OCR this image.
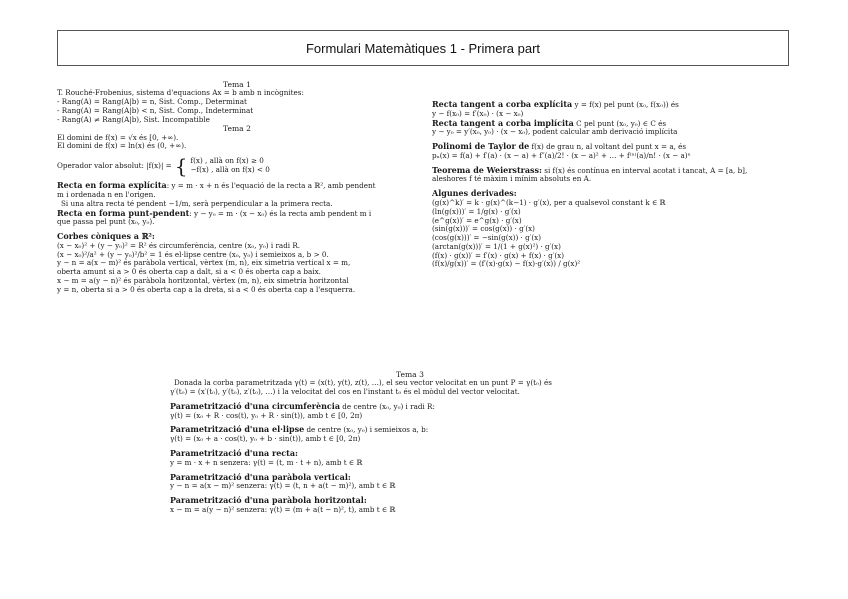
Formulari Matemàtiques 1 - Primera part

Tema 1

T. Rouché-Frobenius, sistema d'equacions Ax = b amb n incògnites:

- Rang(A) = Rang(A|b) = n, Sist. Comp., Determinat

- Rang(A) = Rang(A|b) < n, Sist. Comp., Indeterminat

- Rang(A) ≠ Rang(A|b), Sist. Incompatible

Tema 2

El domini de f(x) = √x és [0, +∞).

El domini de f(x) = ln(x) és (0, +∞).

Operador valor absolut: |f(x)| = { f(x) , allà on f(x) ≥ 0
−f(x) , allà on f(x) < 0

Recta en forma explícita: y = m · x + n és l'equació de la recta a ℝ², amb pendent

m i ordenada n en l'origen.

Si una altra recta té pendent −1/m, serà perpendicular a la primera recta.

Recta en forma punt-pendent: y − y₀ = m · (x − x₀) és la recta amb pendent m i

que passa pel punt (x₀, y₀).

Corbes còniques a ℝ²:

(x − x₀)² + (y − y₀)² = R² és circumferència, centre (x₀, y₀) i radi R.

(x − x₀)²/a² + (y − y₀)²/b² = 1 és el·lipse centre (x₀, y₀) i semieixos a, b > 0.

y − n = a(x − m)² és paràbola vertical, vèrtex (m, n), eix simetria vertical x = m,

oberta amunt si a > 0 és oberta cap a dalt, si a < 0 és oberta cap a baix.

x − m = a(y − n)² és paràbola horitzontal, vèrtex (m, n), eix simetria horitzontal

y = n, oberta si a > 0 és oberta cap a la dreta, si a < 0 és oberta cap a l'esquerra.

Recta tangent a corba explícita y = f(x) pel punt (x₀, f(x₀)) és

y − f(x₀) = f′(x₀) · (x − x₀)

Recta tangent a corba implícita C pel punt (x₀, y₀) ∈ C és

y − y₀ = y′(x₀, y₀) · (x − x₀), podent calcular amb derivació implícita

Polinomi de Taylor de f(x) de grau n, al voltant del punt x = a, és

pₙ(x) = f(a) + f′(a) · (x − a) + f″(a)/2! · (x − a)² + … + f⁽ⁿ⁾(a)/n! · (x − a)ⁿ

Teorema de Weierstrass: si f(x) és contínua en interval acotat i tancat, A = [a, b],

aleshores f té màxim i mínim absoluts en A.

Algunes derivades:

(g(x)^k)′ = k · g(x)^(k−1) · g′(x), per a qualsevol constant k ∈ ℝ

(ln(g(x)))′ = 1/g(x) · g′(x)

(e^g(x))′ = e^g(x) · g′(x)

(sin(g(x)))′ = cos(g(x)) · g′(x)

(cos(g(x)))′ = −sin(g(x)) · g′(x)

(arctan(g(x)))′ = 1/(1 + g(x)²) · g′(x)

(f(x) · g(x))′ = f′(x) · g(x) + f(x) · g′(x)

(f(x)/g(x))′ = (f′(x)·g(x) − f(x)·g′(x)) / g(x)²

Tema 3

Donada la corba parametritzada γ(t) = (x(t), y(t), z(t), …), el seu vector velocitat en un punt P = γ(t₀) és

γ′(t₀) = (x′(t₀), y′(t₀), z′(t₀), …) i la velocitat del cos en l'instant t₀ és el mòdul del vector velocitat.

Parametrització d'una circumferència de centre (x₀, y₀) i radi R:

γ(t) = (x₀ + R · cos(t), y₀ + R · sin(t)), amb t ∈ [0, 2π)

Parametrització d'una el·lipse de centre (x₀, y₀) i semieixos a, b:

γ(t) = (x₀ + a · cos(t), y₀ + b · sin(t)), amb t ∈ [0, 2π)

Parametrització d'una recta:

y = m · x + n senzera: γ(t) = (t, m · t + n), amb t ∈ ℝ

Parametrització d'una paràbola vertical:

y − n = a(x − m)² senzera: γ(t) = (t, n + a(t − m)²), amb t ∈ ℝ

Parametrització d'una paràbola horitzontal:

x − m = a(y − n)² senzera: γ(t) = (m + a(t − n)², t), amb t ∈ ℝ
